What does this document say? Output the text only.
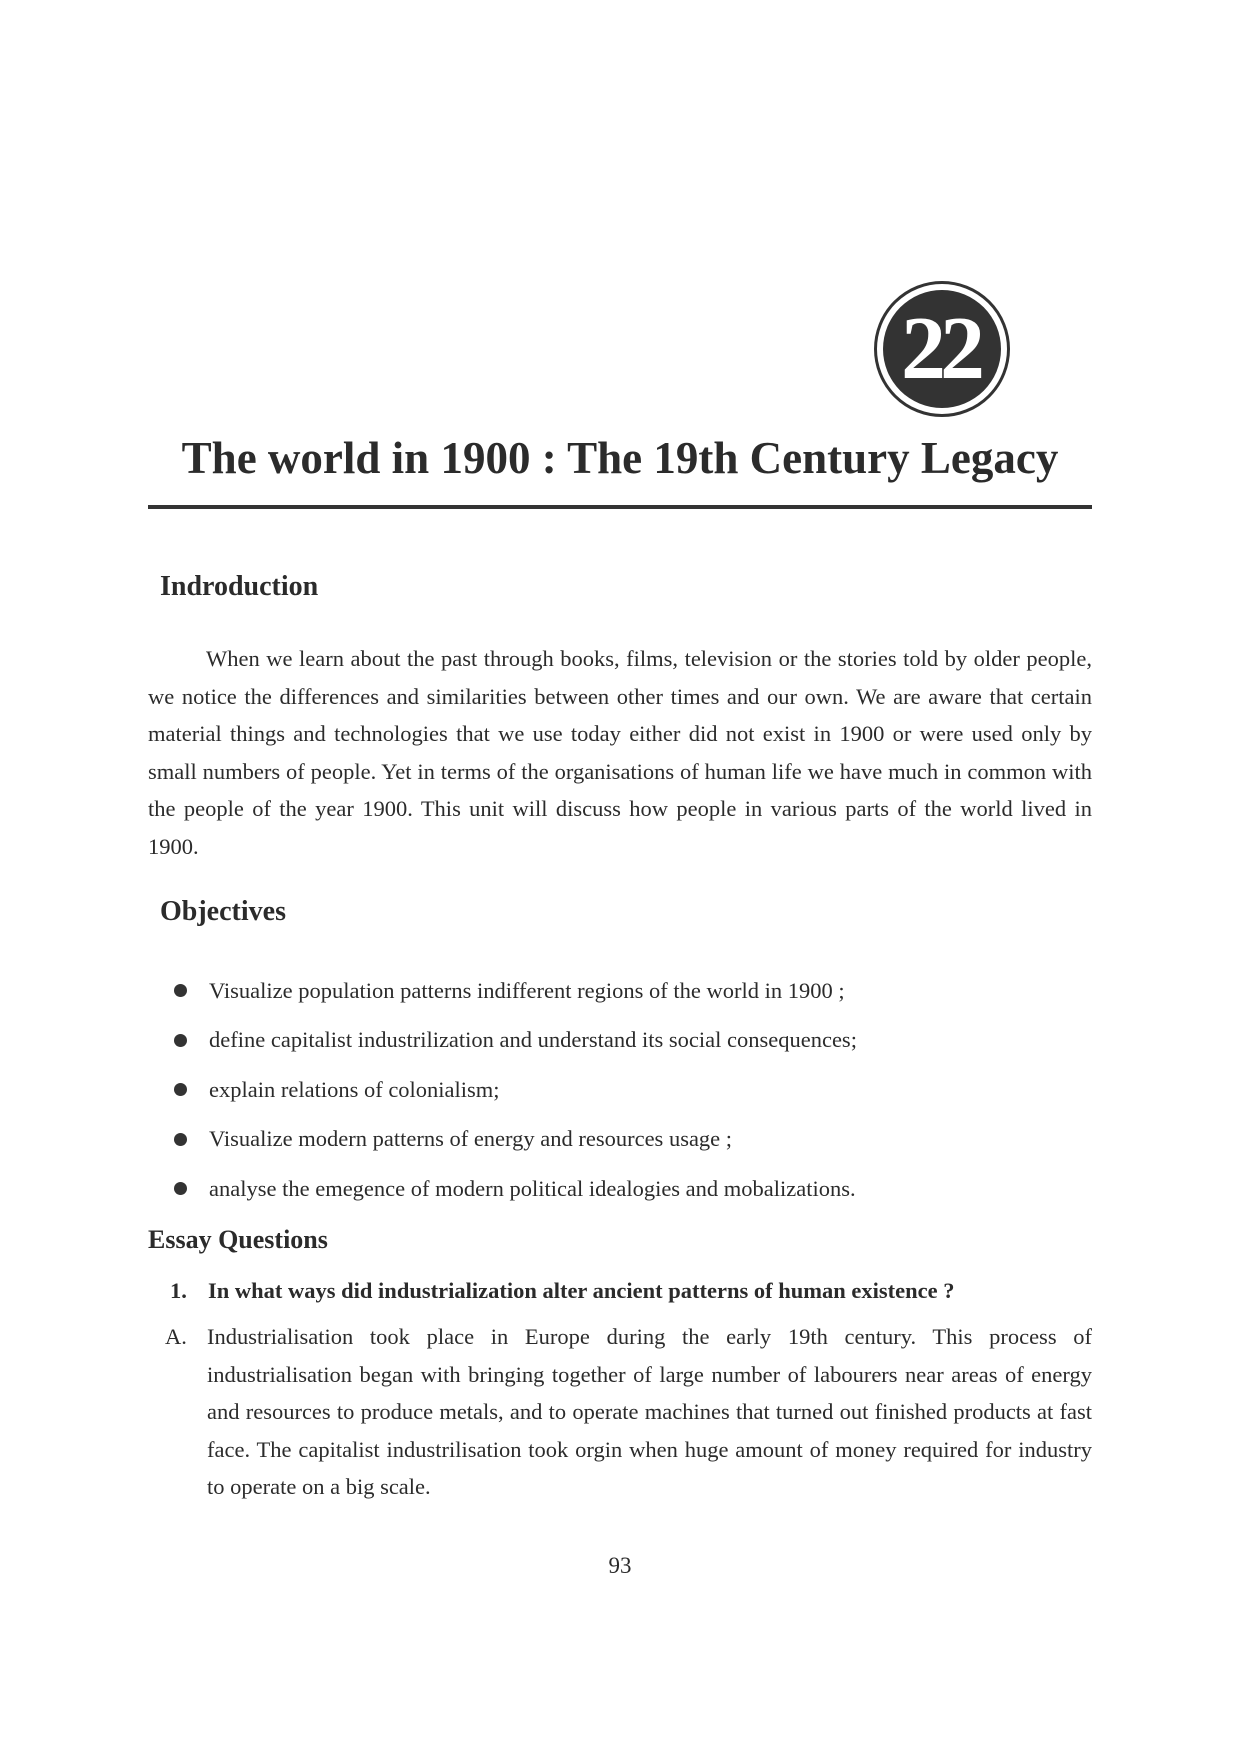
22
The world in 1900 : The 19th Century Legacy
Indroduction

When we learn about the past through books, films, television or the stories told by older people, we notice the differences and similarities between other times and our own. We are aware that certain material things and technologies that we use today either did not exist in 1900 or were used only by small numbers of people. Yet in terms of the organisations of human life we have much in common with the people of the year 1900. This unit will discuss how people in various parts of the world lived in 1900.

Objectives
Visualize population patterns indifferent regions of the world in 1900 ;
define capitalist industrilization and understand its social consequences;
explain relations of colonialism;
Visualize modern patterns of energy and resources usage ;
analyse the emegence of modern political idealogies and mobalizations.
Essay Questions
1. In what ways did industrialization alter ancient patterns of human existence ?
A. Industrialisation took place in Europe during the early 19th century. This process of industrialisation began with bringing together of large number of labourers near areas of energy and resources to produce metals, and to operate machines that turned out finished products at fast face. The capitalist industrilisation took orgin when huge amount of money required for industry to operate on a big scale.

93
